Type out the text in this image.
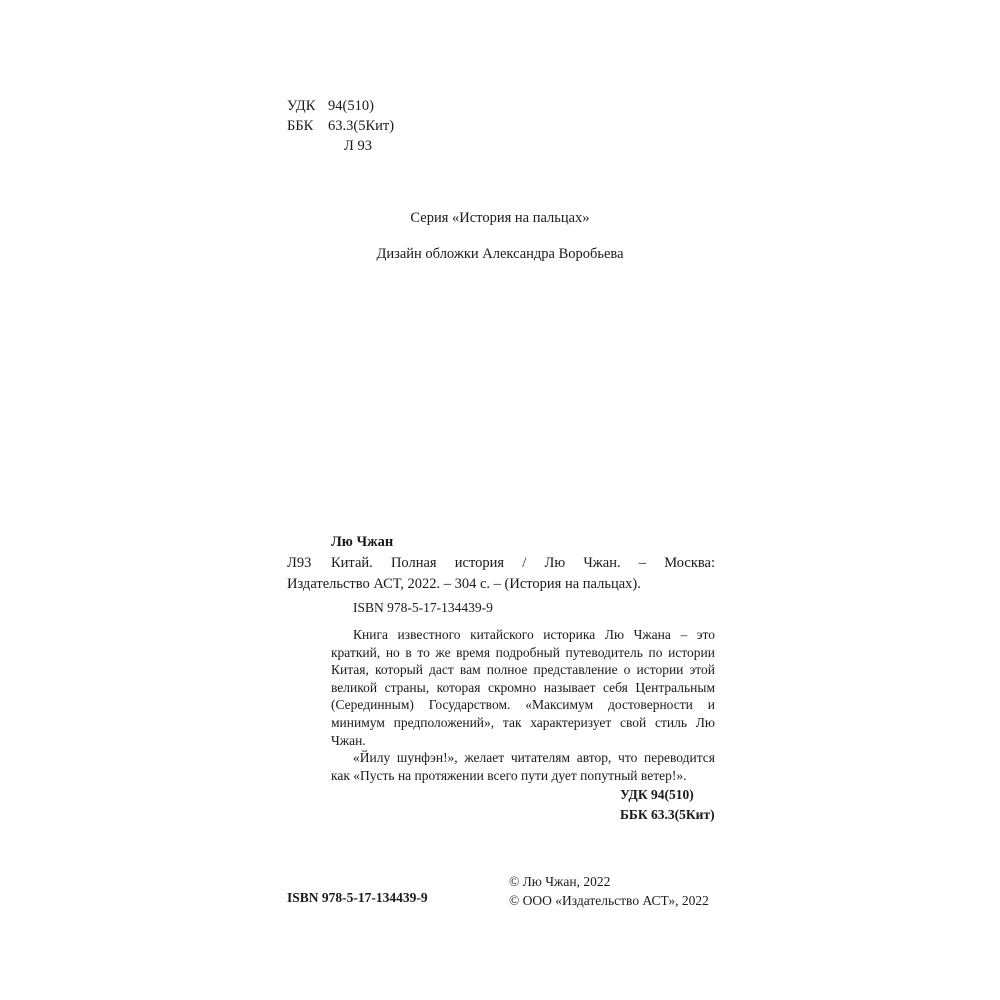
УДК 94(510)
ББК 63.3(5Кит)
Л 93
Серия «История на пальцах»
Дизайн обложки Александра Воробьева
Лю Чжан
Л93 Китай. Полная история / Лю Чжан. – Москва:
Издательство АСТ, 2022. – 304 с. – (История на пальцах).
ISBN 978-5-17-134439-9

Книга известного китайского историка Лю Чжана – это краткий, но в то же время подробный путеводитель по истории Китая, который даст вам полное представление о истории этой великой страны, которая скромно называет себя Центральным (Серединным) Государством. «Максимум достоверности и минимум предположений», так характеризует свой стиль Лю Чжан.

«Йилу шунфэн!», желает читателям автор, что переводится как «Пусть на протяжении всего пути дует попутный ветер!».

УДК 94(510)
ББК 63.3(5Кит)
© Лю Чжан, 2022
© ООО «Издательство АСТ», 2022
ISBN 978-5-17-134439-9
